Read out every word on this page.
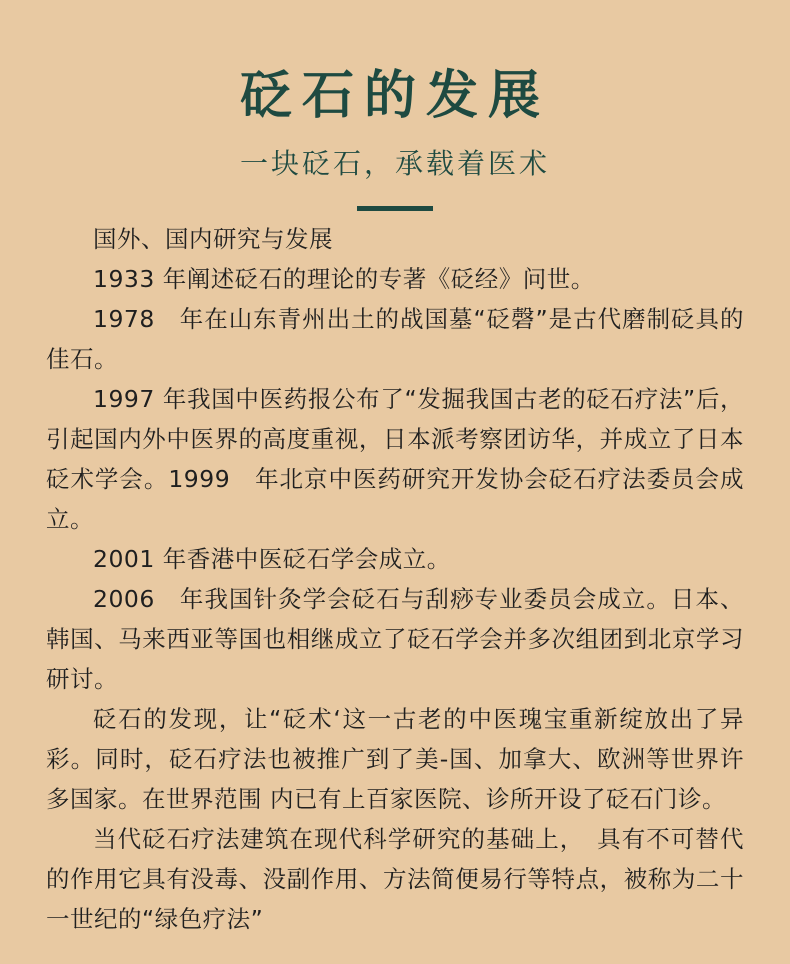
砭石的发展
一块砭石，承载着医术

国外、国内研究与发展

1933 年阐述砭石的理论的专著《砭经》问世。

1978　年在山东青州出土的战国墓“砭磬”是古代磨制砭具的佳石。

1997 年我国中医药报公布了“发掘我国古老的砭石疗法”后，引起国内外中医界的高度重视，日本派考察团访华，并成立了日本砭术学会。1999　年北京中医药研究开发协会砭石疗法委员会成立。

2001 年香港中医砭石学会成立。

2006　年我国针灸学会砭石与刮痧专业委员会成立。日本、韩国、马来西亚等国也相继成立了砭石学会并多次组团到北京学习研讨。

砭石的发现，让“砭术‘这一古老的中医瑰宝重新绽放出了异彩。同时，砭石疗法也被推广到了美-国、加拿大、欧洲等世界许多国家。在世界范围 内已有上百家医院、诊所开设了砭石门诊。

当代砭石疗法建筑在现代科学研究的基础上，　具有不可替代的作用它具有没毒、没副作用、方法简便易行等特点，被称为二十一世纪的“绿色疗法”
